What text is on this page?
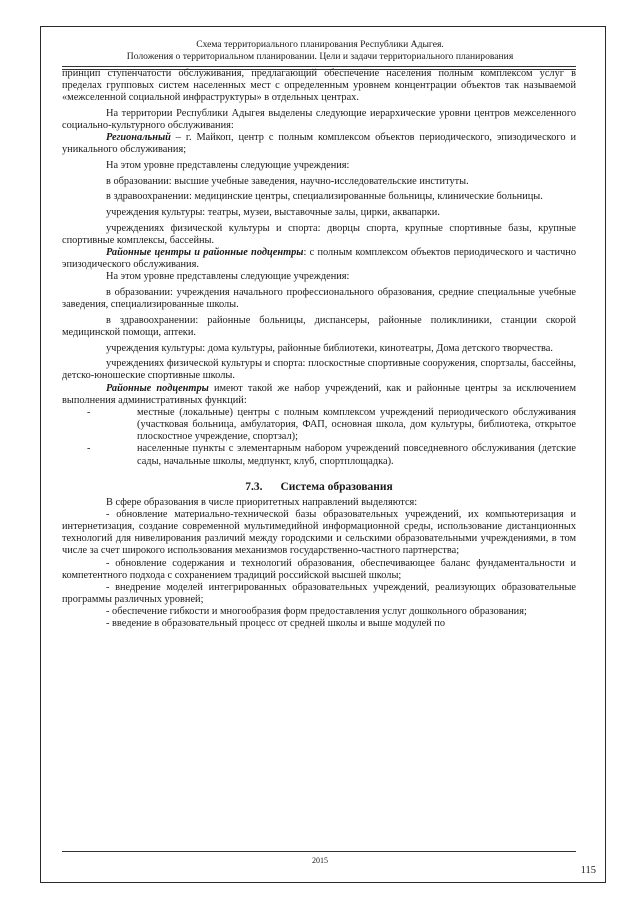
Схема территориального планирования Республики Адыгея.
Положения о территориальном планировании. Цели и задачи территориального планирования

принцип ступенчатости обслуживания, предлагающий обеспечение населения полным комплексом услуг в пределах групповых систем населенных мест с определенным уровнем концентрации объектов так называемой «межселенной социальной инфраструктуры» в отдельных центрах.

На территории Республики Адыгея выделены следующие иерархические уровни центров межселенного социально-культурного обслуживания:

Региональный – г. Майкоп, центр с полным комплексом объектов периодического, эпизодического и уникального обслуживания;

На этом уровне представлены следующие учреждения:

в образовании: высшие учебные заведения, научно-исследовательские институты.

в здравоохранении: медицинские центры, специализированные больницы, клинические больницы.

учреждения культуры: театры, музеи, выставочные залы, цирки, аквапарки.

учреждениях физической культуры и спорта: дворцы спорта, крупные спортивные базы, крупные спортивные комплексы, бассейны.

Районные центры и районные подцентры: с полным комплексом объектов периодического и частично эпизодического обслуживания.

На этом уровне представлены следующие учреждения:

в образовании: учреждения начального профессионального образования, средние специальные учебные заведения, специализированные школы.

в здравоохранении: районные больницы, диспансеры, районные поликлиники, станции скорой медицинской помощи, аптеки.

учреждения культуры: дома культуры, районные библиотеки, кинотеатры, Дома детского творчества.

учреждениях физической культуры и спорта: плоскостные спортивные сооружения, спортзалы, бассейны, детско-юношеские спортивные школы.

Районные подцентры имеют такой же набор учреждений, как и районные центры за исключением выполнения административных функций:

- местные (локальные) центры с полным комплексом учреждений периодического обслуживания (участковая больница, амбулатория, ФАП, основная школа, дом культуры, библиотека, открытое плоскостное учреждение, спортзал);
- населенные пункты с элементарным набором учреждений повседневного обслуживания (детские сады, начальные школы, медпункт, клуб, спортплощадка).
7.3. Система образования

В сфере образования в числе приоритетных направлений выделяются:

- обновление материально-технической базы образовательных учреждений, их компьютеризация и интернетизация, создание современной мультимедийной информационной среды, использование дистанционных технологий для нивелирования различий между городскими и сельскими образовательными учреждениями, в том числе за счет широкого использования механизмов государственно-частного партнерства;

- обновление содержания и технологий образования, обеспечивающее баланс фундаментальности и компетентного подхода с сохранением традиций российской высшей школы;

- внедрение моделей интегрированных образовательных учреждений, реализующих образовательные программы различных уровней;

- обеспечение гибкости и многообразия форм предоставления услуг дошкольного образования;

- введение в образовательный процесс от средней школы и выше модулей по

2015
115
